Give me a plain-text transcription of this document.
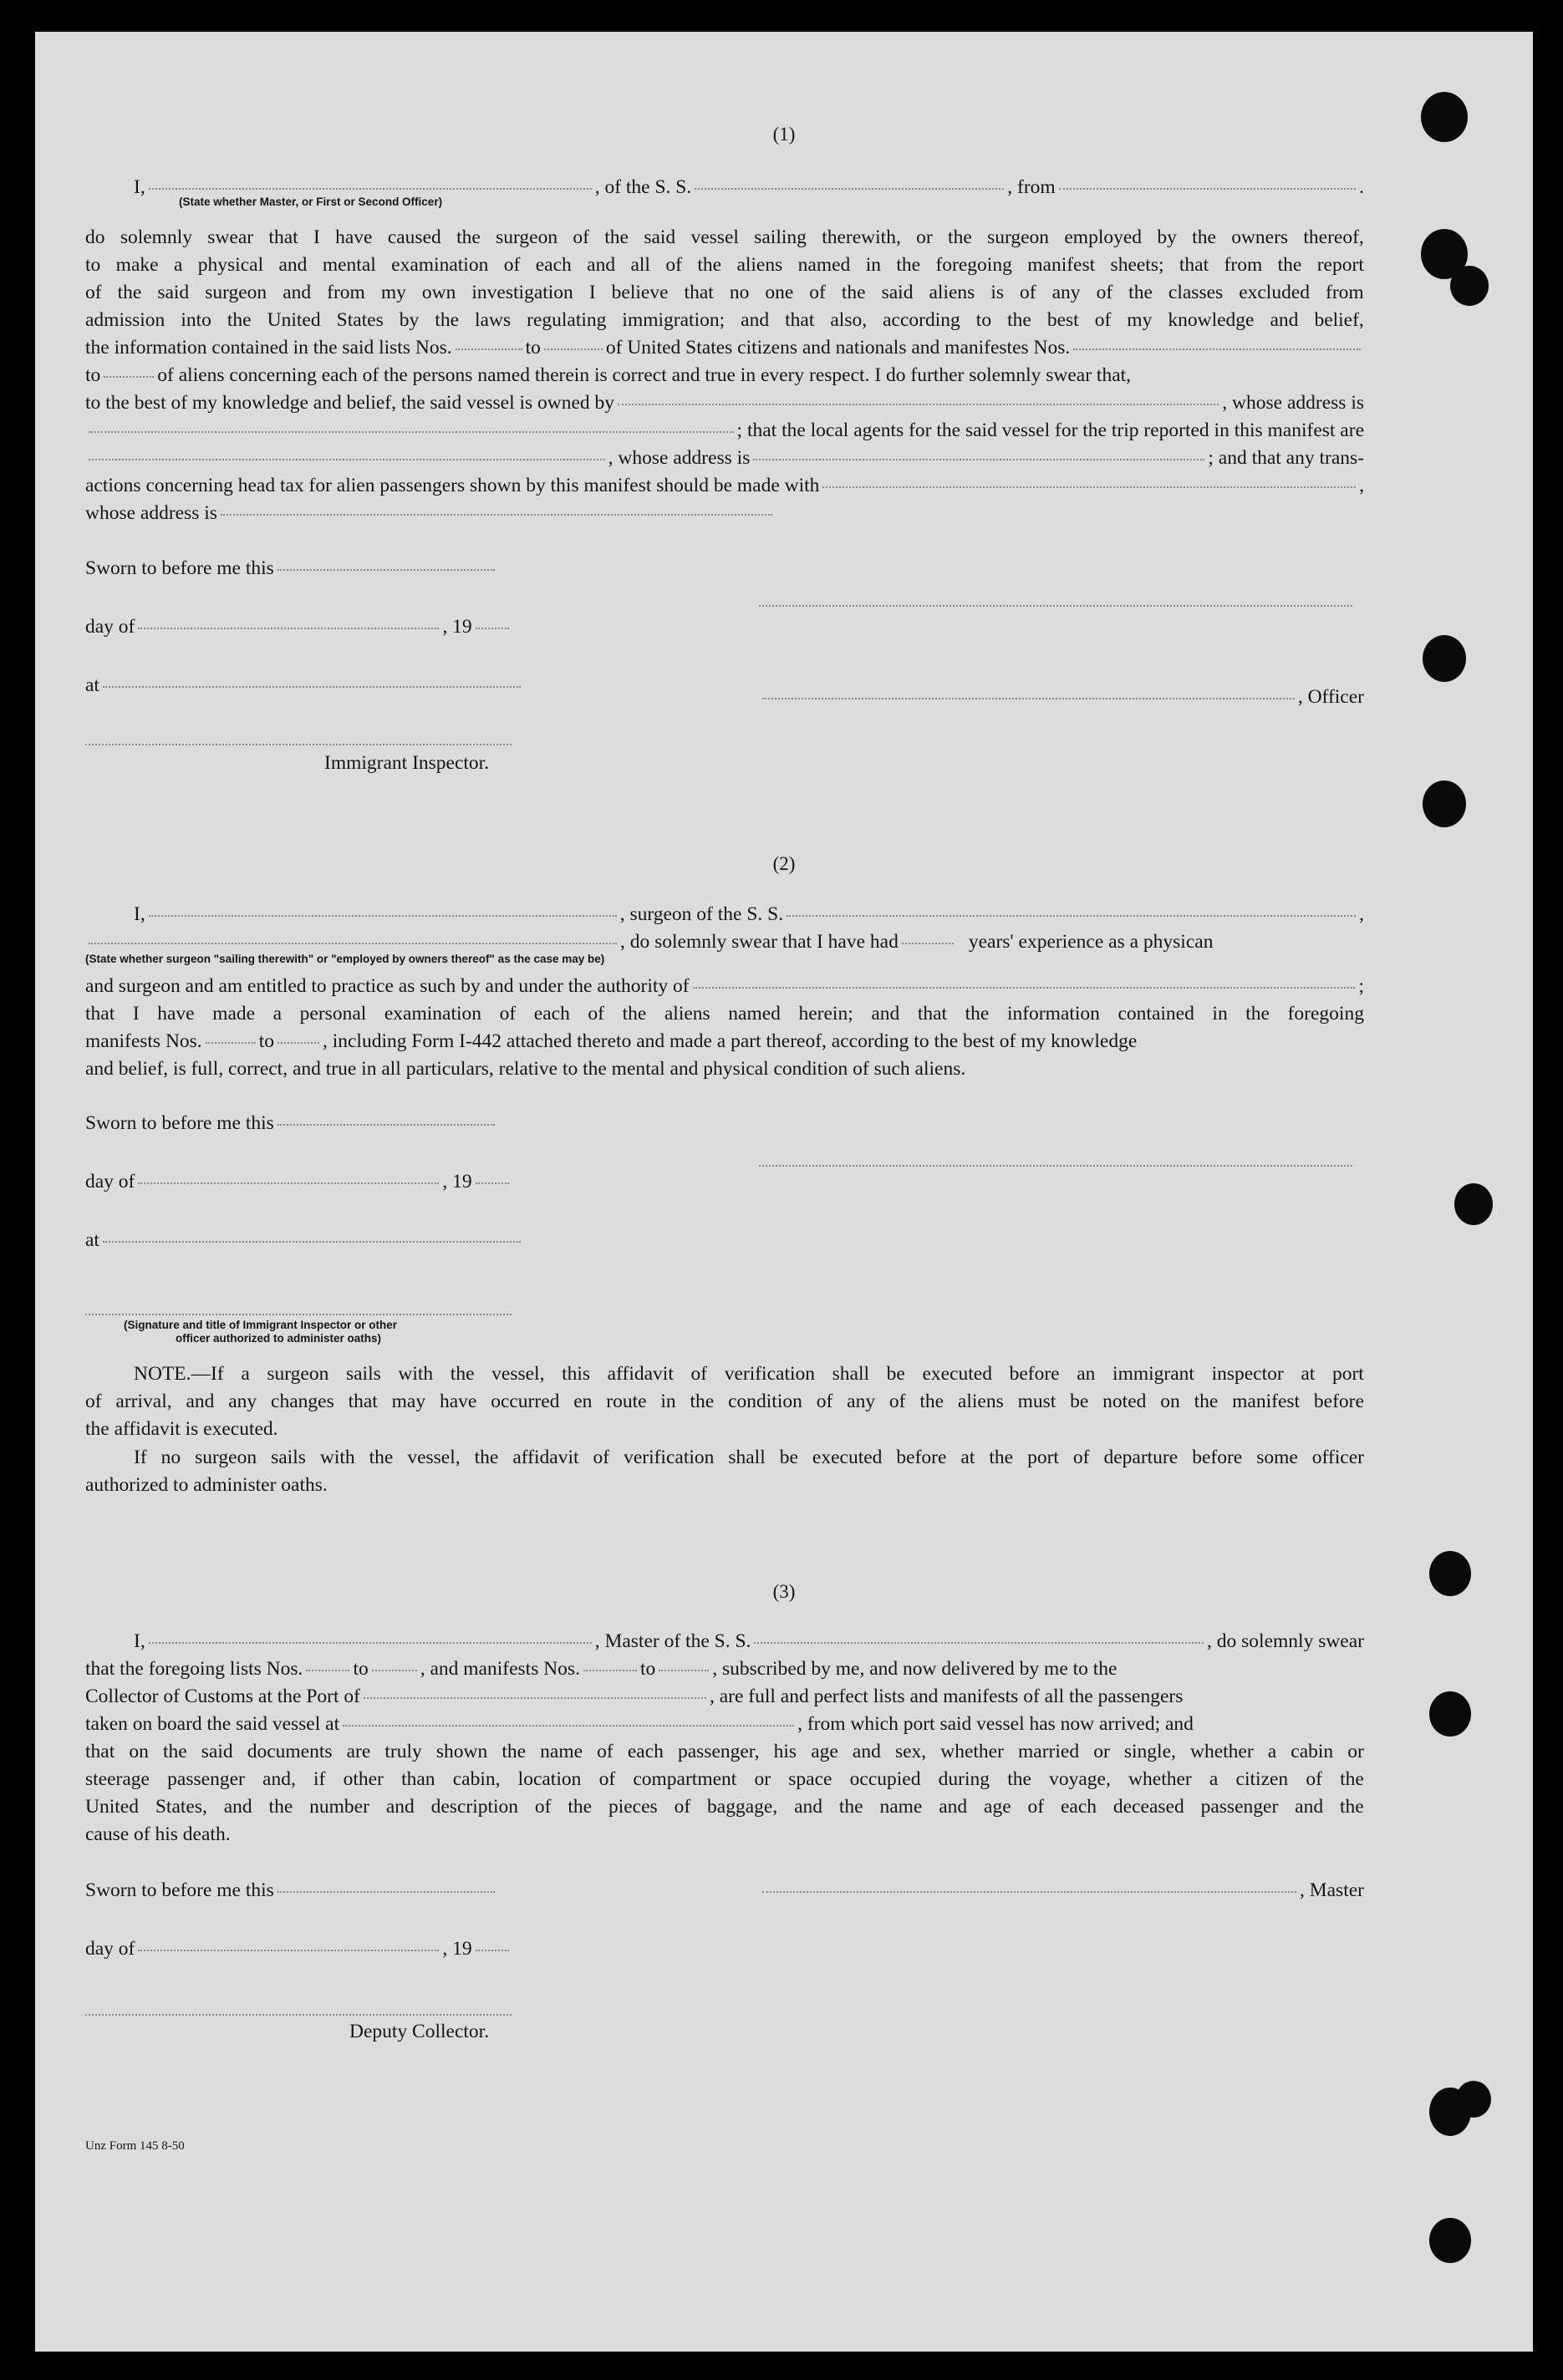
(1)
I,	, of the S. S.	, from	.
(State whether Master, or First or Second Officer)
do solemnly swear that I have caused the surgeon of the said vessel sailing therewith, or the surgeon employed by the owners thereof,
to make a physical and mental examination of each and all of the aliens named in the foregoing manifest sheets; that from the report
of the said surgeon and from my own investigation I believe that no one of the said aliens is of any of the classes excluded from
admission into the United States by the laws regulating immigration; and that also, according to the best of my knowledge and belief,
the information contained in the said lists Nos.	to	of United States citizens and nationals and manifestes Nos.
to	of aliens concerning each of the persons named therein is correct and true in every respect. I do further solemnly swear that,
to the best of my knowledge and belief, the said vessel is owned by	, whose address is
; that the local agents for the said vessel for the trip reported in this manifest are
, whose address is	; and that any trans-
actions concerning head tax for alien passengers shown by this manifest should be made with	,
whose address is
Sworn to before me this
day of	, 19
at
, Officer
Immigrant Inspector.
(2)
I,	, surgeon of the S. S.	,
, do solemnly swear that I have had	years' experience as a physican
(State whether surgeon "sailing therewith" or "employed by owners thereof" as the case may be)
and surgeon and am entitled to practice as such by and under the authority of	;
that I have made a personal examination of each of the aliens named herein; and that the information contained in the foregoing
manifests Nos.	to , including Form I-442 attached thereto and made a part thereof, according to the best of my knowledge
and belief, is full, correct, and true in all particulars, relative to the mental and physical condition of such aliens.
Sworn to before me this
day of	, 19
at
(Signature and title of Immigrant Inspector or other
officer authorized to administer oaths)
NOTE.—If a surgeon sails with the vessel, this affidavit of verification shall be executed before an immigrant inspector at port
of arrival, and any changes that may have occurred en route in the condition of any of the aliens must be noted on the manifest before
the affidavit is executed.
If no surgeon sails with the vessel, the affidavit of verification shall be executed before at the port of departure before some officer
authorized to administer oaths.
(3)
I,	, Master of the S. S.	, do solemnly swear
that the foregoing lists Nos.	to	, and manifests Nos.	to	, subscribed by me, and now delivered by me to the
Collector of Customs at the Port of	, are full and perfect lists and manifests of all the passengers
taken on board the said vessel at	, from which port said vessel has now arrived; and
that on the said documents are truly shown the name of each passenger, his age and sex, whether married or single, whether a cabin or
steerage passenger and, if other than cabin, location of compartment or space occupied during the voyage, whether a citizen of the
United States, and the number and description of the pieces of baggage, and the name and age of each deceased passenger and the
cause of his death.
Sworn to before me this	, Master
day of	, 19
Deputy Collector.
Unz Form 145 8-50
